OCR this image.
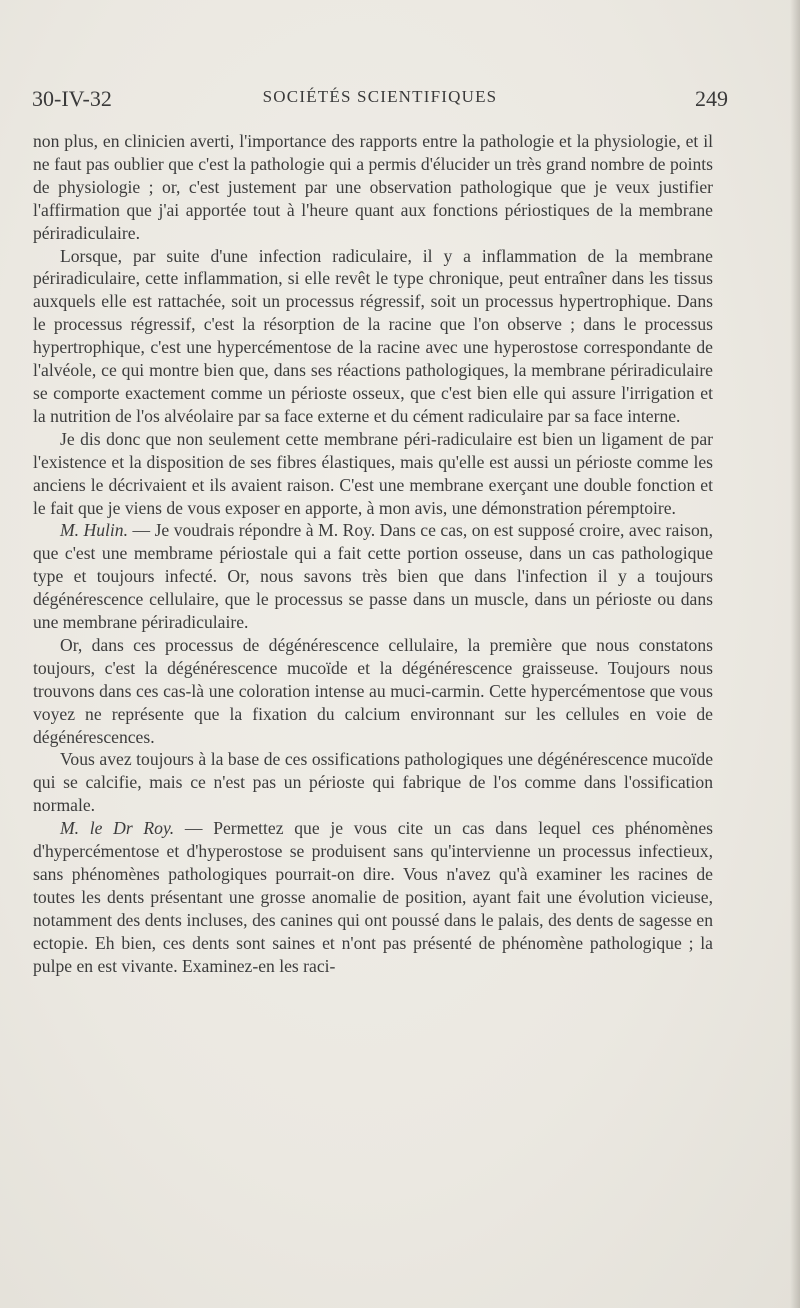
30-IV-32	SOCIÉTÉS SCIENTIFIQUES	249

non plus, en clinicien averti, l'importance des rapports entre la pathologie et la physiologie, et il ne faut pas oublier que c'est la pathologie qui a permis d'élucider un très grand nombre de points de physiologie ; or, c'est justement par une observation pathologique que je veux justifier l'affirmation que j'ai apportée tout à l'heure quant aux fonctions périostiques de la membrane périradiculaire.

Lorsque, par suite d'une infection radiculaire, il y a inflammation de la membrane périradiculaire, cette inflammation, si elle revêt le type chronique, peut entraîner dans les tissus auxquels elle est rattachée, soit un processus régressif, soit un processus hypertrophique. Dans le processus régressif, c'est la résorption de la racine que l'on observe ; dans le processus hypertrophique, c'est une hypercémentose de la racine avec une hyperostose correspondante de l'alvéole, ce qui montre bien que, dans ses réactions pathologiques, la membrane périradiculaire se comporte exactement comme un périoste osseux, que c'est bien elle qui assure l'irrigation et la nutrition de l'os alvéolaire par sa face externe et du cément radiculaire par sa face interne.

Je dis donc que non seulement cette membrane péri-radiculaire est bien un ligament de par l'existence et la disposition de ses fibres élastiques, mais qu'elle est aussi un périoste comme les anciens le décrivaient et ils avaient raison. C'est une membrane exerçant une double fonction et le fait que je viens de vous exposer en apporte, à mon avis, une démonstration péremptoire.

M. Hulin. — Je voudrais répondre à M. Roy. Dans ce cas, on est supposé croire, avec raison, que c'est une membrame périostale qui a fait cette portion osseuse, dans un cas pathologique type et toujours infecté. Or, nous savons très bien que dans l'infection il y a toujours dégénérescence cellulaire, que le processus se passe dans un muscle, dans un périoste ou dans une membrane périradiculaire.

Or, dans ces processus de dégénérescence cellulaire, la première que nous constatons toujours, c'est la dégénérescence mucoïde et la dégénérescence graisseuse. Toujours nous trouvons dans ces cas-là une coloration intense au muci-carmin. Cette hypercémentose que vous voyez ne représente que la fixation du calcium environnant sur les cellules en voie de dégénérescences.

Vous avez toujours à la base de ces ossifications pathologiques une dégénérescence mucoïde qui se calcifie, mais ce n'est pas un périoste qui fabrique de l'os comme dans l'ossification normale.

M. le Dr Roy. — Permettez que je vous cite un cas dans lequel ces phénomènes d'hypercémentose et d'hyperostose se produisent sans qu'intervienne un processus infectieux, sans phénomènes pathologiques pourrait-on dire. Vous n'avez qu'à examiner les racines de toutes les dents présentant une grosse anomalie de position, ayant fait une évolution vicieuse, notamment des dents incluses, des canines qui ont poussé dans le palais, des dents de sagesse en ectopie. Eh bien, ces dents sont saines et n'ont pas présenté de phénomène pathologique ; la pulpe en est vivante. Examinez-en les raci-
